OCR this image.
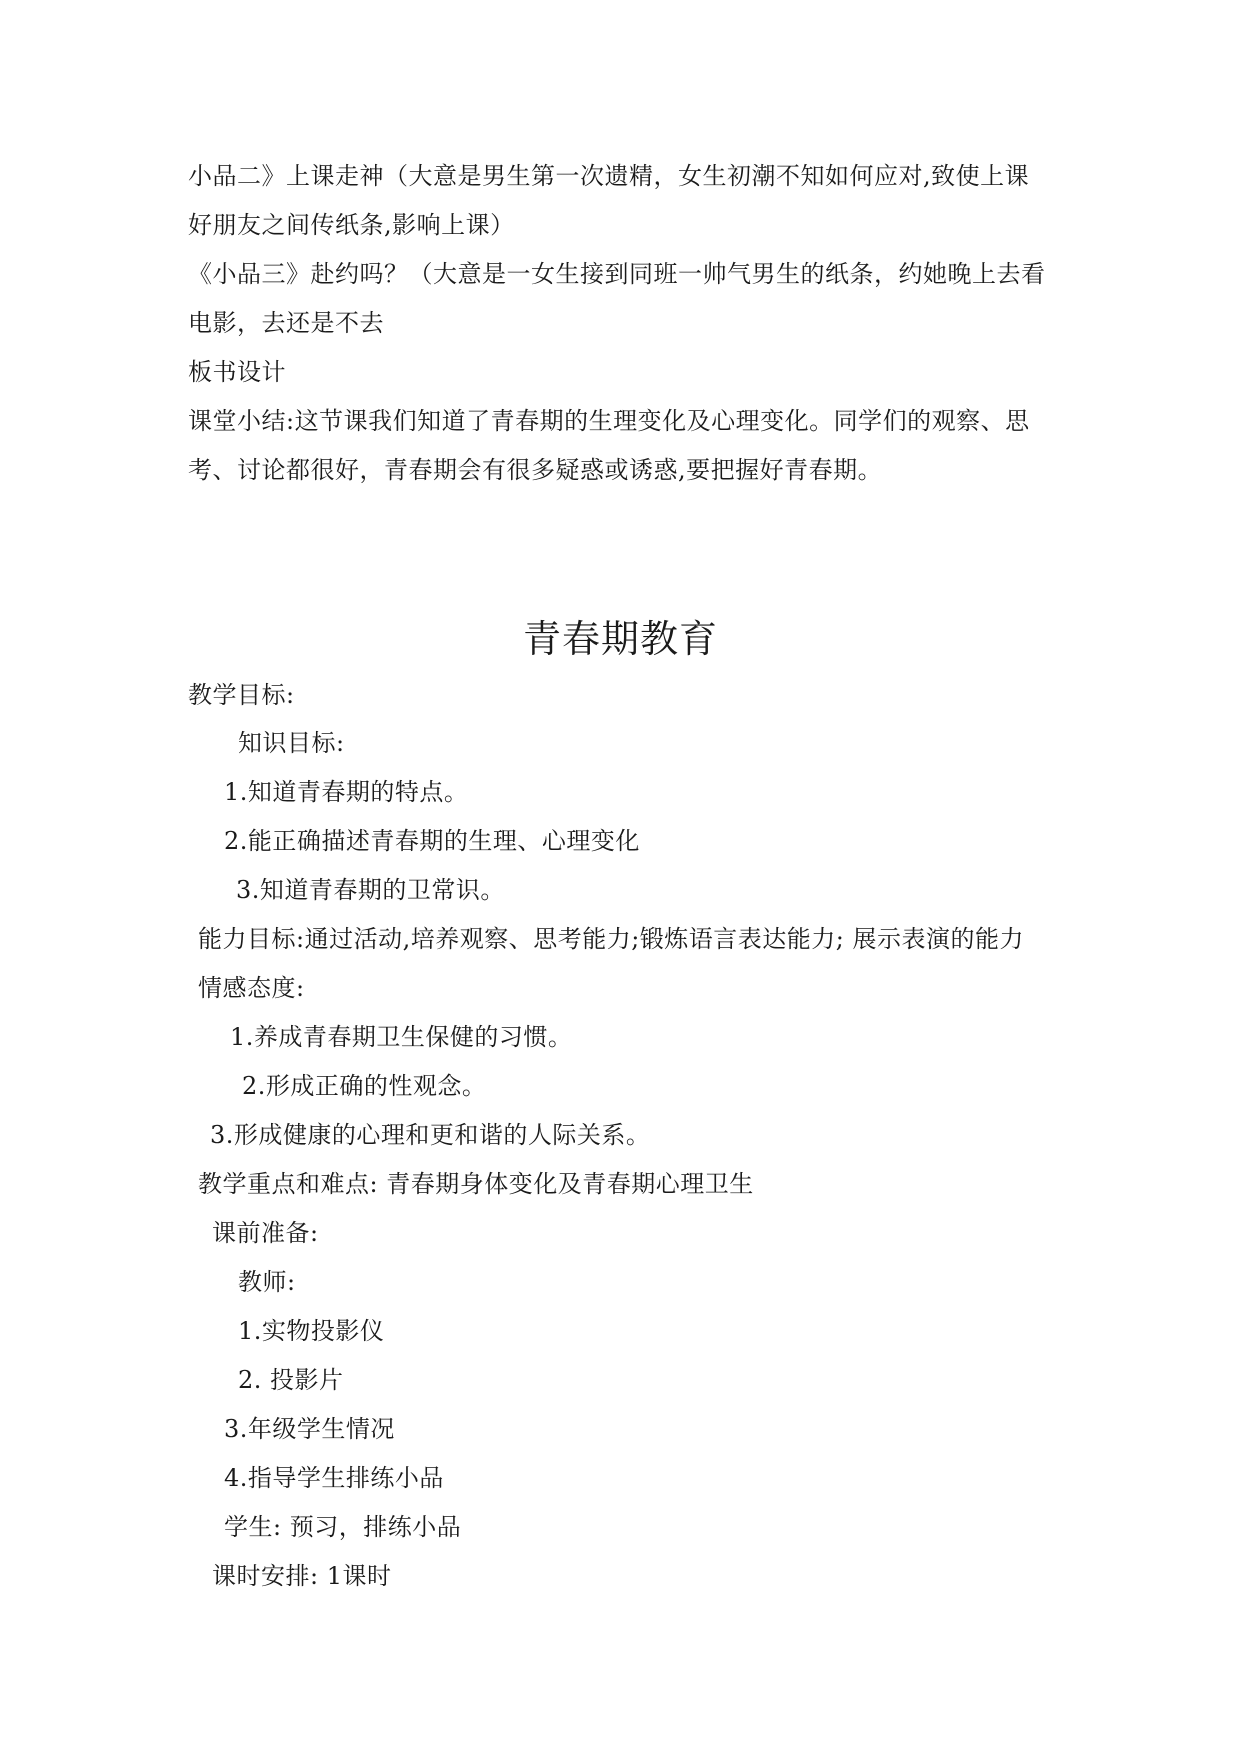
小品二》上课走神（大意是男生第一次遗精，女生初潮不知如何应对,致使上课
好朋友之间传纸条,影响上课）
《小品三》赴约吗？（大意是一女生接到同班一帅气男生的纸条，约她晚上去看
电影，去还是不去
板书设计
课堂小结:这节课我们知道了青春期的生理变化及心理变化。同学们的观察、思
考、讨论都很好，青春期会有很多疑惑或诱惑,要把握好青春期。
青春期教育
教学目标:
知识目标:
1.知道青春期的特点。
2.能正确描述青春期的生理、心理变化
3.知道青春期的卫常识。
能力目标:通过活动,培养观察、思考能力;锻炼语言表达能力; 展示表演的能力
情感态度:
1.养成青春期卫生保健的习惯。
2.形成正确的性观念。
3.形成健康的心理和更和谐的人际关系。
教学重点和难点: 青春期身体变化及青春期心理卫生
课前准备:
教师:
1.实物投影仪
2. 投影片
3.年级学生情况
4.指导学生排练小品
学生: 预习，排练小品
课时安排: 1课时
